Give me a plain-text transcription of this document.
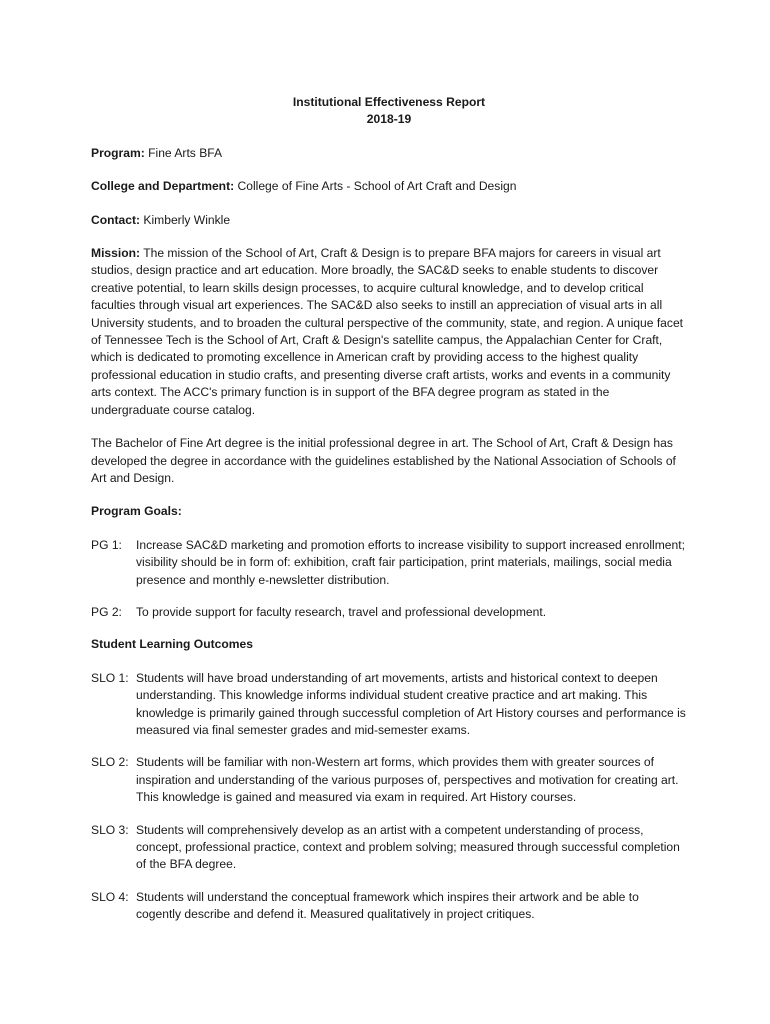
Institutional Effectiveness Report

2018-19

Program: Fine Arts BFA

College and Department: College of Fine Arts - School of Art Craft and Design

Contact: Kimberly Winkle

Mission: The mission of the School of Art, Craft & Design is to prepare BFA majors for careers in visual art studios, design practice and art education. More broadly, the SAC&D seeks to enable students to discover creative potential, to learn skills design processes, to acquire cultural knowledge, and to develop critical faculties through visual art experiences. The SAC&D also seeks to instill an appreciation of visual arts in all University students, and to broaden the cultural perspective of the community, state, and region. A unique facet of Tennessee Tech is the School of Art, Craft & Design's satellite campus, the Appalachian Center for Craft, which is dedicated to promoting excellence in American craft by providing access to the highest quality professional education in studio crafts, and presenting diverse craft artists, works and events in a community arts context. The ACC's primary function is in support of the BFA degree program as stated in the undergraduate course catalog.

The Bachelor of Fine Art degree is the initial professional degree in art. The School of Art, Craft & Design has developed the degree in accordance with the guidelines established by the National Association of Schools of Art and Design.

Program Goals:

PG 1:	Increase SAC&D marketing and promotion efforts to increase visibility to support increased enrollment; visibility should be in form of: exhibition, craft fair participation, print materials, mailings, social media presence and monthly e-newsletter distribution.
PG 2:	To provide support for faculty research, travel and professional development.

Student Learning Outcomes

SLO 1: Students will have broad understanding of art movements, artists and historical context to deepen understanding. This knowledge informs individual student creative practice and art making. This knowledge is primarily gained through successful completion of Art History courses and performance is measured via final semester grades and mid-semester exams.
SLO 2: Students will be familiar with non-Western art forms, which provides them with greater sources of inspiration and understanding of the various purposes of, perspectives and motivation for creating art. This knowledge is gained and measured via exam in required. Art History courses.
SLO 3: Students will comprehensively develop as an artist with a competent understanding of process, concept, professional practice, context and problem solving; measured through successful completion of the BFA degree.
SLO 4: Students will understand the conceptual framework which inspires their artwork and be able to cogently describe and defend it. Measured qualitatively in project critiques.
